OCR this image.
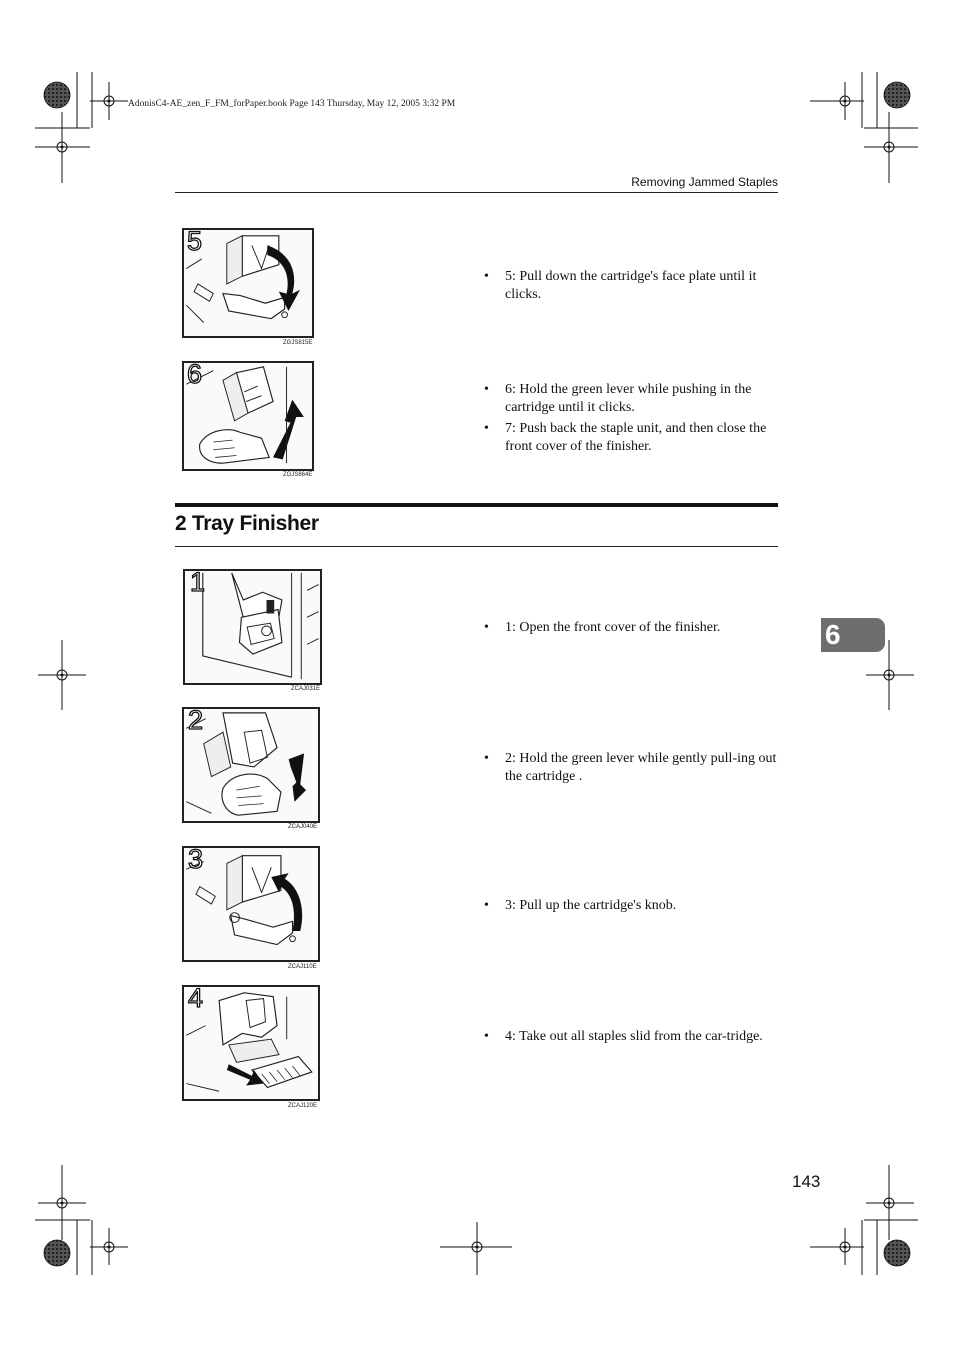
AdonisC4-AE_zen_F_FM_forPaper.book Page 143 Thursday, May 12, 2005 3:32 PM
Removing Jammed Staples
5
ZGJS815E
• 5: Pull down the cartridge's face plate until it clicks.
6
ZGJS864E
• 6: Hold the green lever while pushing in the cartridge until it clicks.
• 7: Push back the staple unit, and then close the front cover of the finisher.
2 Tray Finisher
6
1
ZCAJ031E
• 1: Open the front cover of the finisher.
2
ZCAJ040E
• 2: Hold the green lever while gently pull-ing out the cartridge .
3
ZCAJ110E
• 3: Pull up the cartridge's knob.
4
ZCAJ120E
• 4: Take out all staples slid from the car-tridge.
143
